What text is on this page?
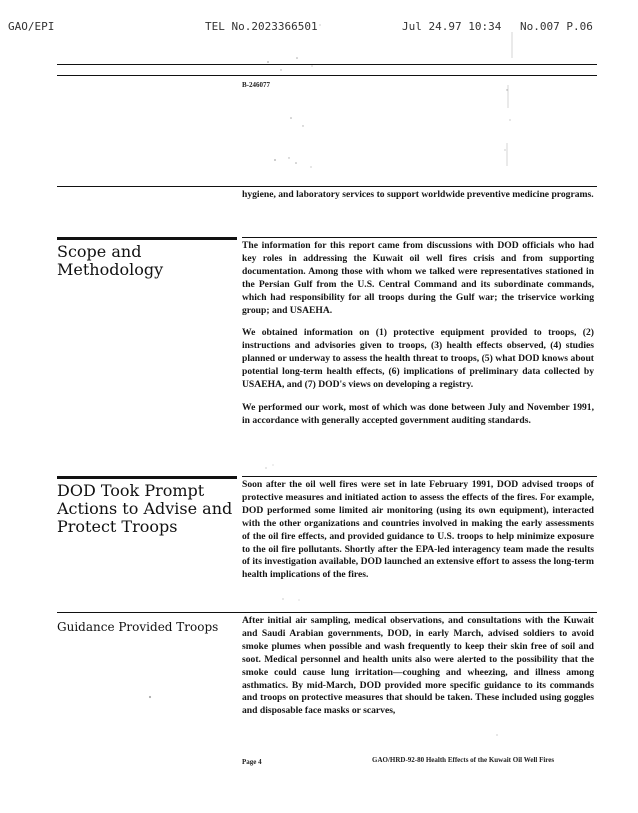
GAO/EPI	TEL No.2023366501	Jul 24.97 10:34 No.007 P.06
B-246077
hygiene, and laboratory services to support worldwide preventive medicine programs.
Scope and Methodology

The information for this report came from discussions with DOD officials who had key roles in addressing the Kuwait oil well fires crisis and from supporting documentation. Among those with whom we talked were representatives stationed in the Persian Gulf from the U.S. Central Command and its subordinate commands, which had responsibility for all troops during the Gulf war; the triservice working group; and USAEHA.

We obtained information on (1) protective equipment provided to troops, (2) instructions and advisories given to troops, (3) health effects observed, (4) studies planned or underway to assess the health threat to troops, (5) what DOD knows about potential long-term health effects, (6) implications of preliminary data collected by USAEHA, and (7) DOD's views on developing a registry.

We performed our work, most of which was done between July and November 1991, in accordance with generally accepted government auditing standards.

DOD Took Prompt Actions to Advise and Protect Troops

Soon after the oil well fires were set in late February 1991, DOD advised troops of protective measures and initiated action to assess the effects of the fires. For example, DOD performed some limited air monitoring (using its own equipment), interacted with the other organizations and countries involved in making the early assessments of the oil fire effects, and provided guidance to U.S. troops to help minimize exposure to the oil fire pollutants. Shortly after the EPA-led interagency team made the results of its investigation available, DOD launched an extensive effort to assess the long-term health implications of the fires.

Guidance Provided Troops	After initial air sampling, medical observations, and consultations with the Kuwait and Saudi Arabian governments, DOD, in early March, advised soldiers to avoid smoke plumes when possible and wash frequently to keep their skin free of soil and soot. Medical personnel and health units also were alerted to the possibility that the smoke could cause lung irritation—coughing and wheezing, and illness among asthmatics. By mid-March, DOD provided more specific guidance to its commands and troops on protective measures that should be taken. These included using goggles and disposable face masks or scarves,

Page 4	GAO/HRD-92-80 Health Effects of the Kuwait Oil Well Fires
